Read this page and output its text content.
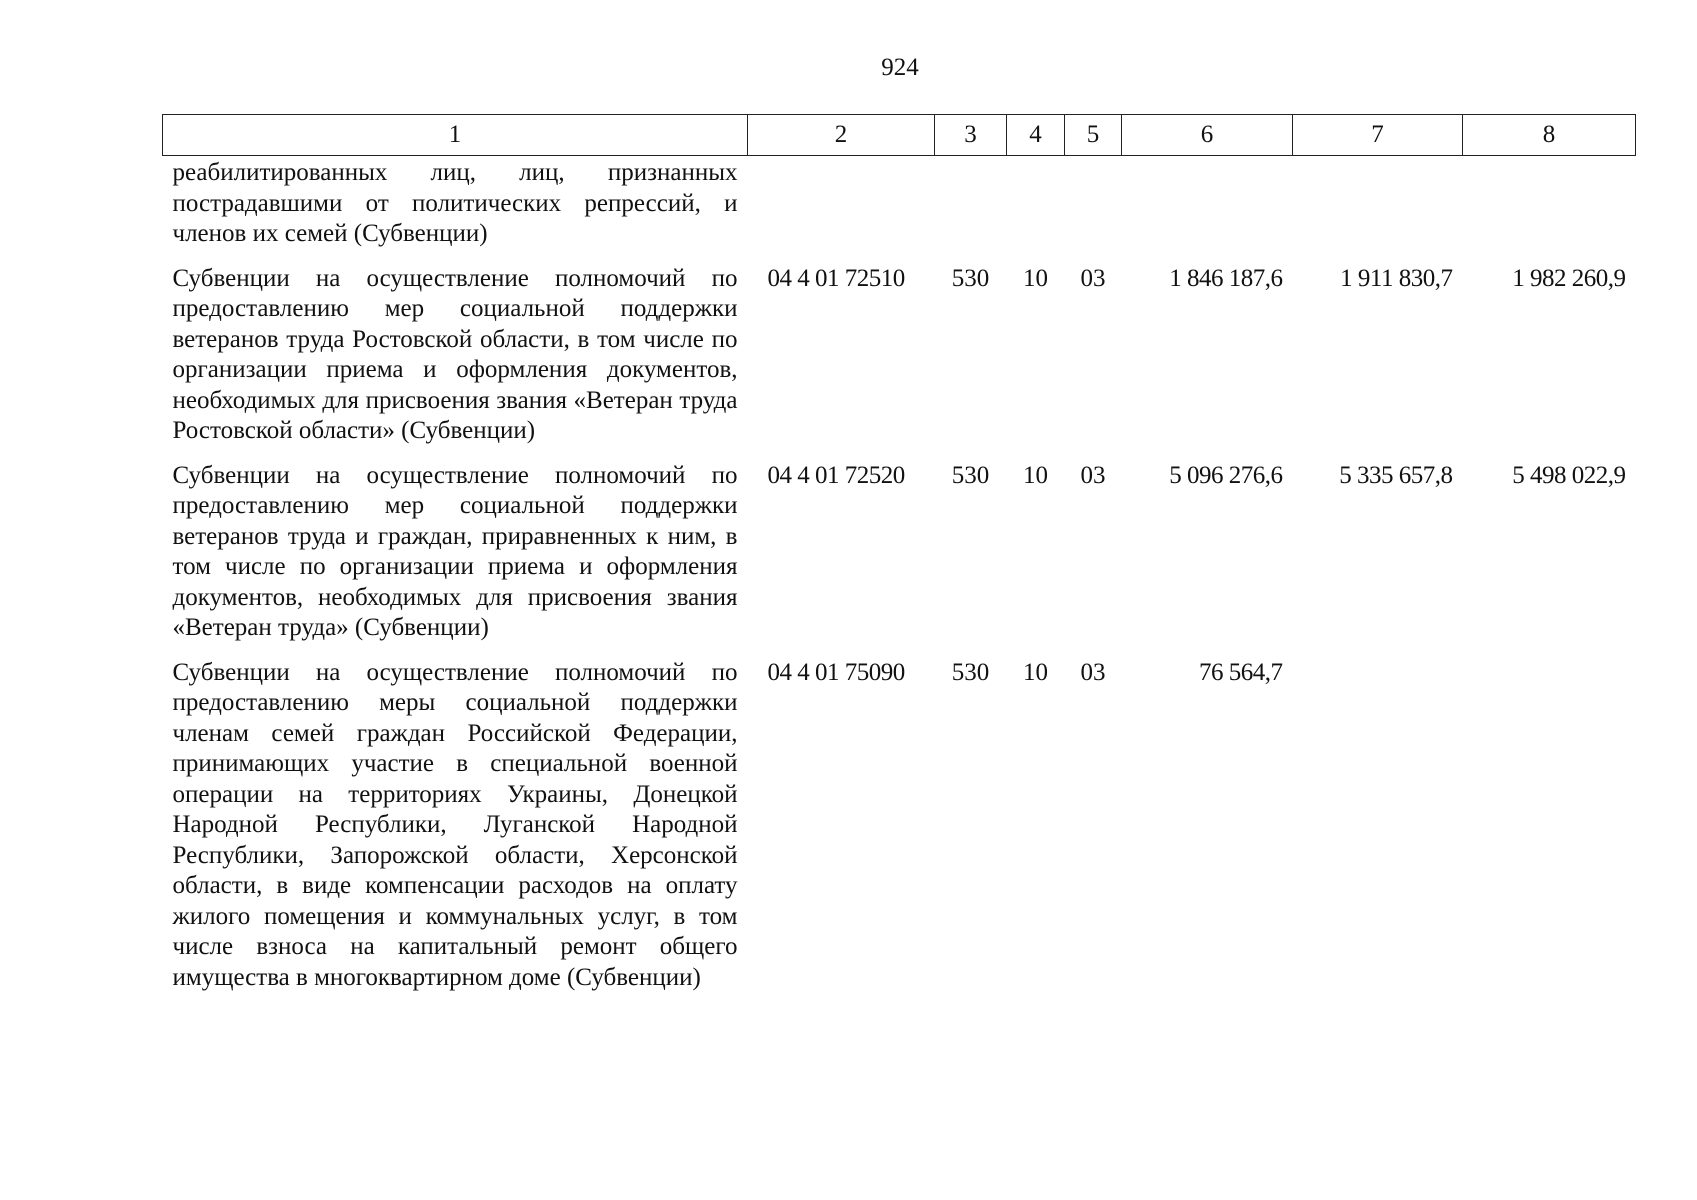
924
1	2	3	4	5	6	7	8
реабилитированных лиц, лиц, признанных пострадавшими от политических репрессий, и членов их семей (Субвенции)							
Субвенции на осуществление полномочий по предоставлению мер социальной поддержки ветеранов труда Ростовской области, в том числе по организации приема и оформления документов, необходимых для присвоения звания «Ветеран труда Ростовской области» (Субвенции)	04 4 01 72510	530	10	03	1 846 187,6	1 911 830,7	1 982 260,9
Субвенции на осуществление полномочий по предоставлению мер социальной поддержки ветеранов труда и граждан, приравненных к ним, в том числе по организации приема и оформления документов, необходимых для присвоения звания «Ветеран труда» (Субвенции)	04 4 01 72520	530	10	03	5 096 276,6	5 335 657,8	5 498 022,9
Субвенции на осуществление полномочий по предоставлению меры социальной поддержки членам семей граждан Российской Федерации, принимающих участие в специальной военной операции на территориях Украины, Донецкой Народной Республики, Луганской Народной Республики, Запорожской области, Херсонской области, в виде компенсации расходов на оплату жилого помещения и коммунальных услуг, в том числе взноса на капитальный ремонт общего имущества в многоквартирном доме (Субвенции)	04 4 01 75090	530	10	03	76 564,7		
